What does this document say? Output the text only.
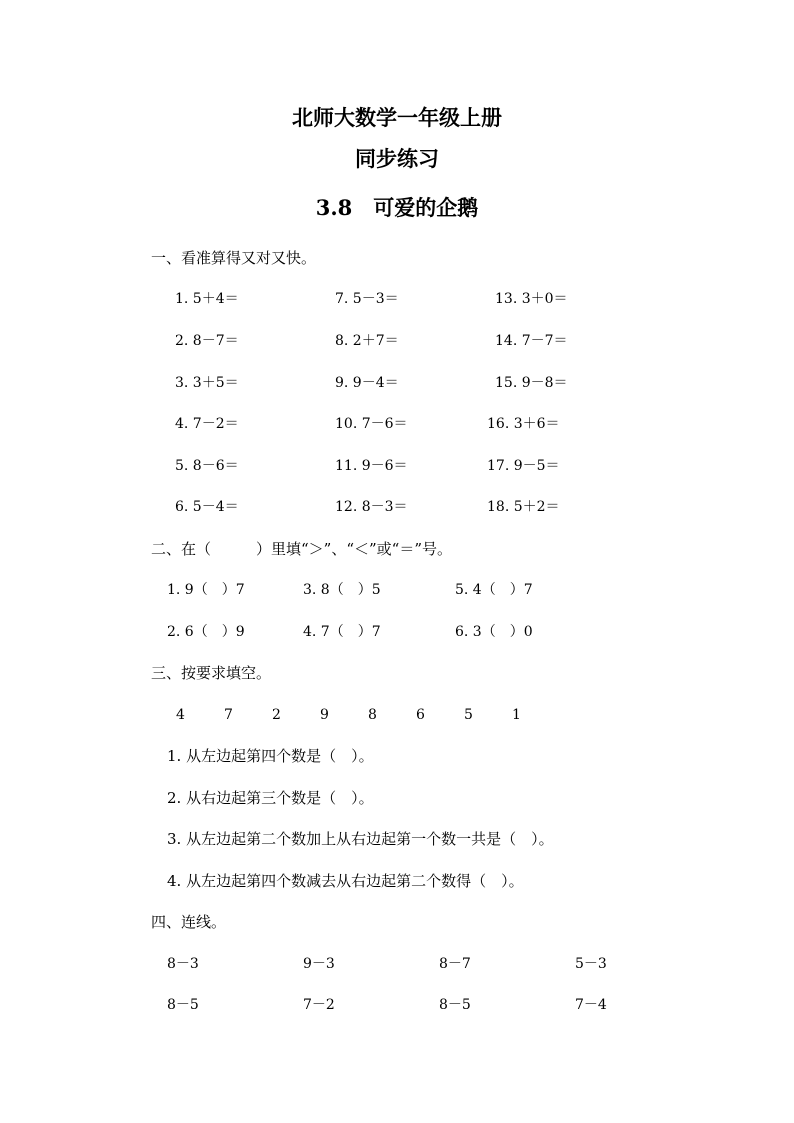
北师大数学一年级上册
同步练习
3.8　可爱的企鹅
一、看准算得又对又快。
1. 5＋4＝	7. 5－3＝	13. 3＋0＝
2. 8－7＝	8. 2＋7＝	14. 7－7＝
3. 3＋5＝	9. 9－4＝	15. 9－8＝
4. 7－2＝	10. 7－6＝	16. 3＋6＝
5. 8－6＝	11. 9－6＝	17. 9－5＝
6. 5－4＝	12. 8－3＝	18. 5＋2＝
二、在（　　　）里填“＞”、“＜”或“＝”号。
1. 9（　）7	3. 8（　）5	5. 4（　）7
2. 6（　）9	4. 7（　）7	6. 3（　）0
三、按要求填空。
4	7	2	9	8	6	5	1
1. 从左边起第四个数是（　）。
2. 从右边起第三个数是（　）。
3. 从左边起第二个数加上从右边起第一个数一共是（　）。
4. 从左边起第四个数减去从右边起第二个数得（　）。
四、连线。
8－3	9－3	8－7	5－3
8－5	7－2	8－5	7－4
